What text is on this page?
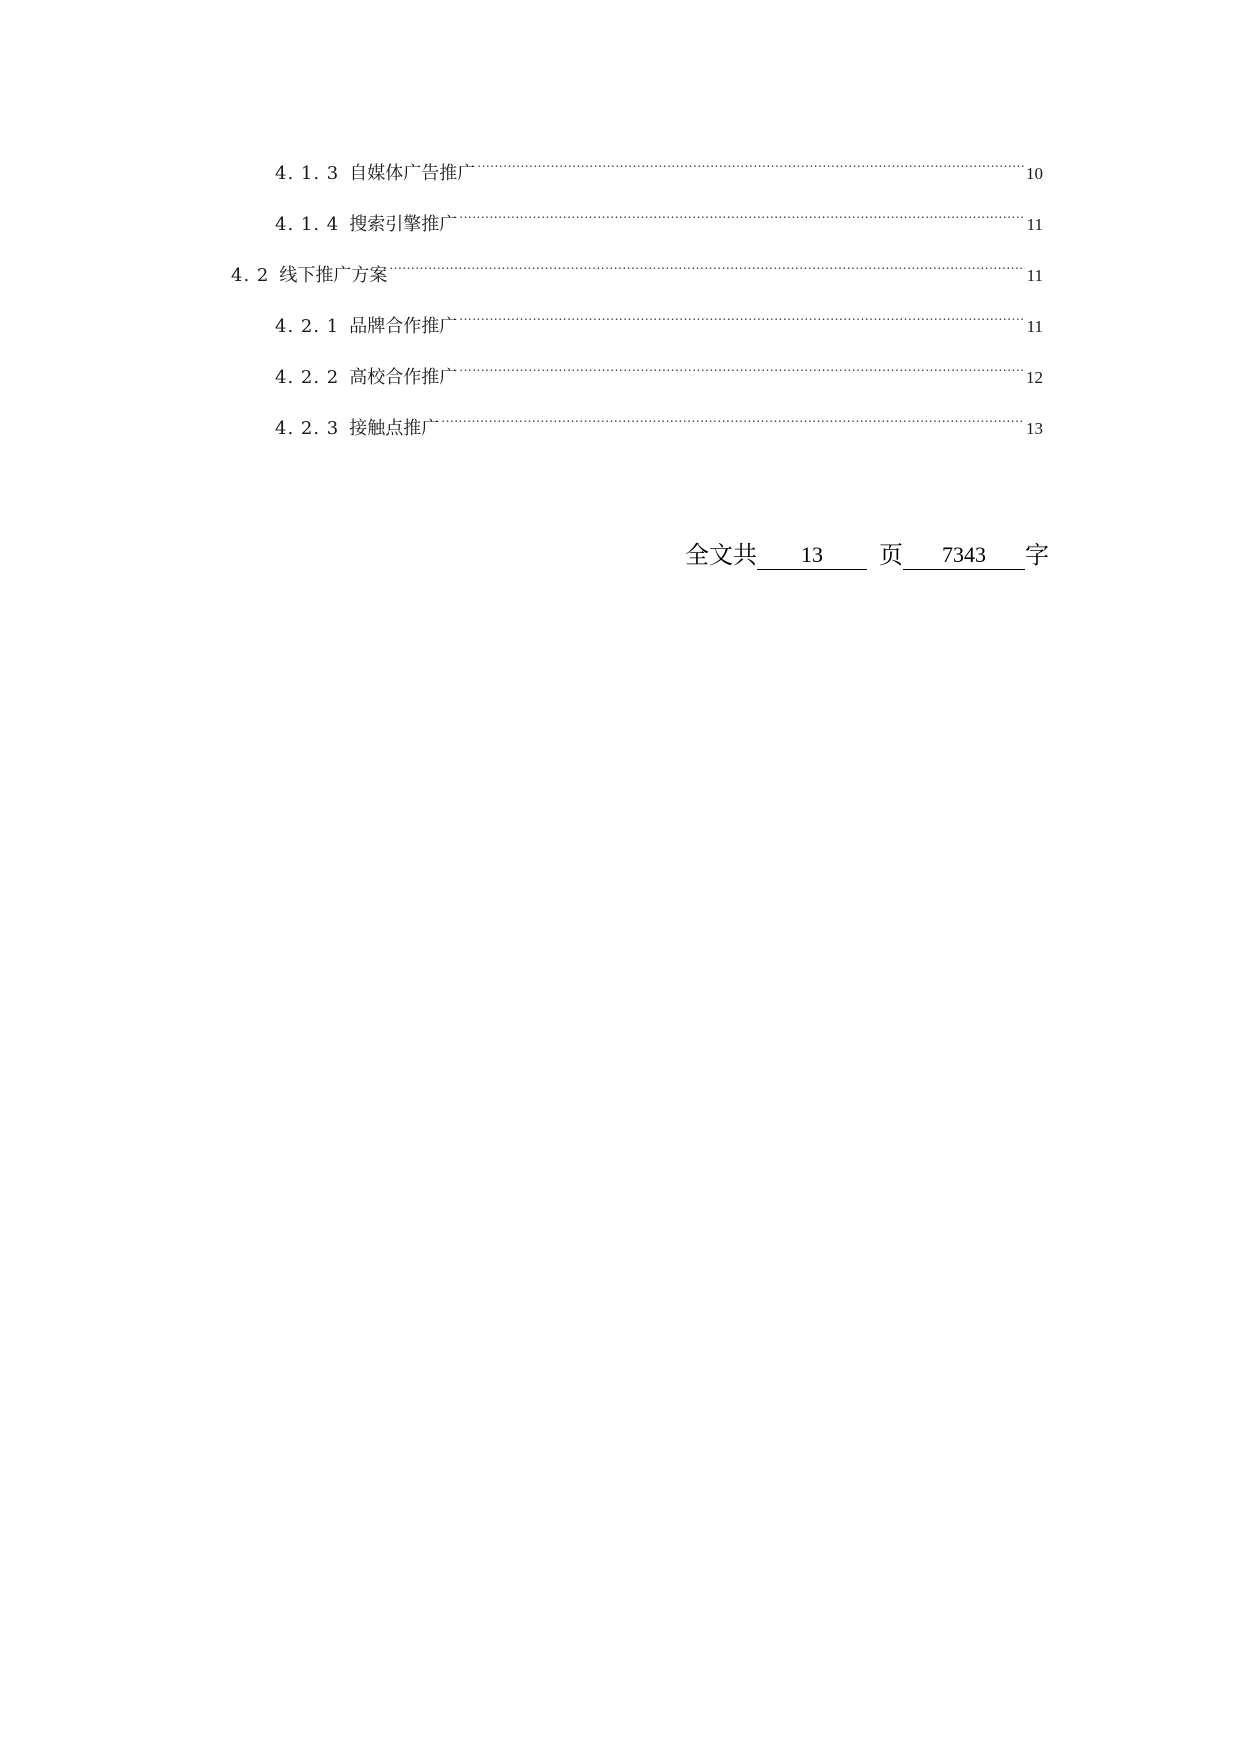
4. 1. 3 自媒体广告推广 .....	10
4. 1. 4 搜索引擎推广 .....	11
4. 2 线下推广方案 .....	11
4. 2. 1 品牌合作推广 .....	11
4. 2. 2 高校合作推广 .....	12
4. 2. 3 接触点推广 .....	13
全文共	13	页	7343	字
